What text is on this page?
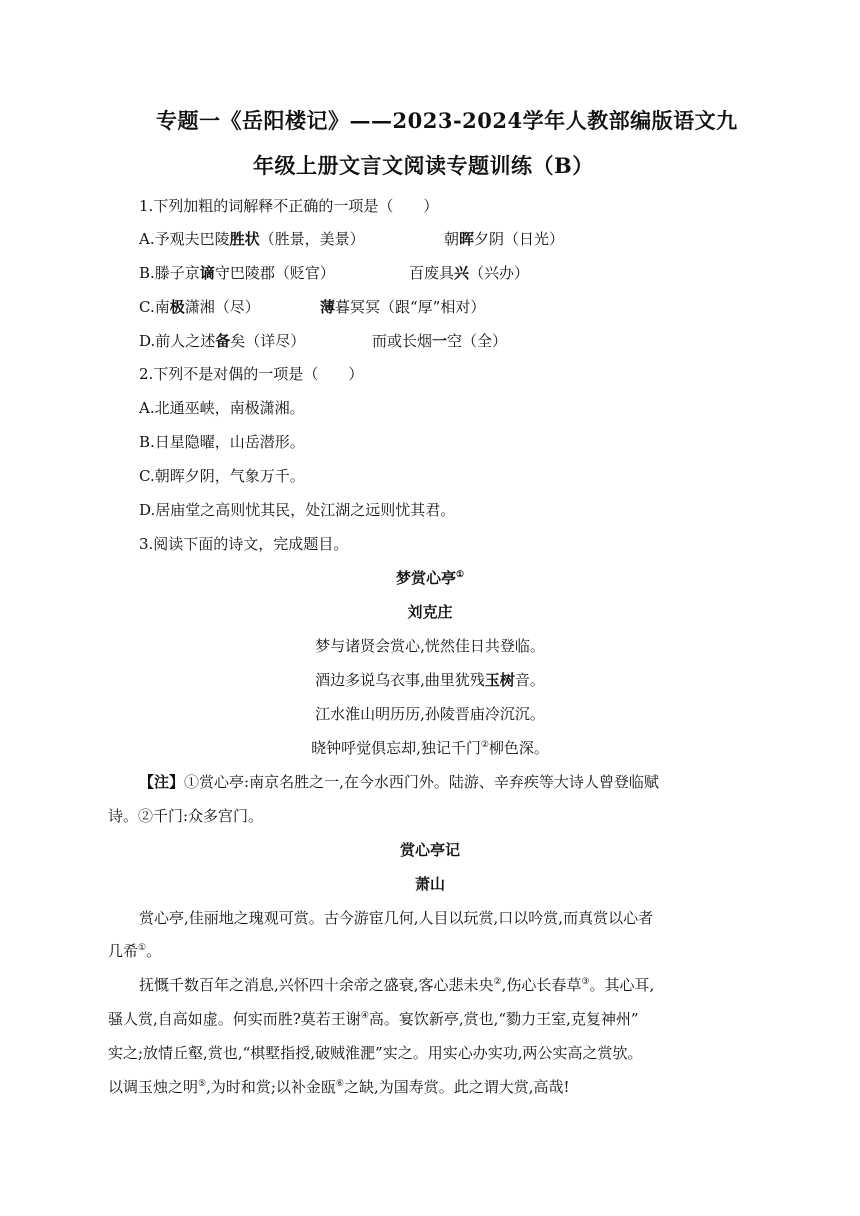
专题一《岳阳楼记》——2023-2024学年人教部编版语文九
年级上册文言文阅读专题训练（B）
1.下列加粗的词解释不正确的一项是（　　）
A.予观夫巴陵胜状（胜景，美景）	朝晖夕阴（日光）
B.滕子京谪守巴陵郡（贬官）	百废具兴（兴办）
C.南极潇湘（尽）	薄暮冥冥（跟“厚”相对）
D.前人之述备矣（详尽）	而或长烟一空（全）
2.下列不是对偶的一项是（　　）
A.北通巫峡，南极潇湘。
B.日星隐曜，山岳潜形。
C.朝晖夕阴，气象万千。
D.居庙堂之高则忧其民，处江湖之远则忧其君。
3.阅读下面的诗文，完成题目。
梦赏心亭①
刘克庄
梦与诸贤会赏心,恍然佳日共登临。
酒边多说乌衣事,曲里犹残玉树音。
江水淮山明历历,孙陵晋庙冷沉沉。
晓钟呼觉俱忘却,独记千门②柳色深。
【注】①赏心亭:南京名胜之一,在今水西门外。陆游、辛弃疾等大诗人曾登临赋
诗。②千门:众多宫门。
赏心亭记
萧山
赏心亭,佳丽地之瑰观可赏。古今游宦几何,人目以玩赏,口以吟赏,而真赏以心者
几希①。
抚慨千数百年之消息,兴怀四十余帝之盛衰,客心悲未央②,伤心长春草③。其心耳,
骚人赏,自高如虚。何实而胜?莫若王谢④高。宴饮新亭,赏也,“勠力王室,克复神州”
实之;放情丘壑,赏也,“棋墅指授,破贼淮淝”实之。用实心办实功,两公实高之赏欤。
以调玉烛之明⑤,为时和赏;以补金瓯⑥之缺,为国寿赏。此之谓大赏,高哉!
